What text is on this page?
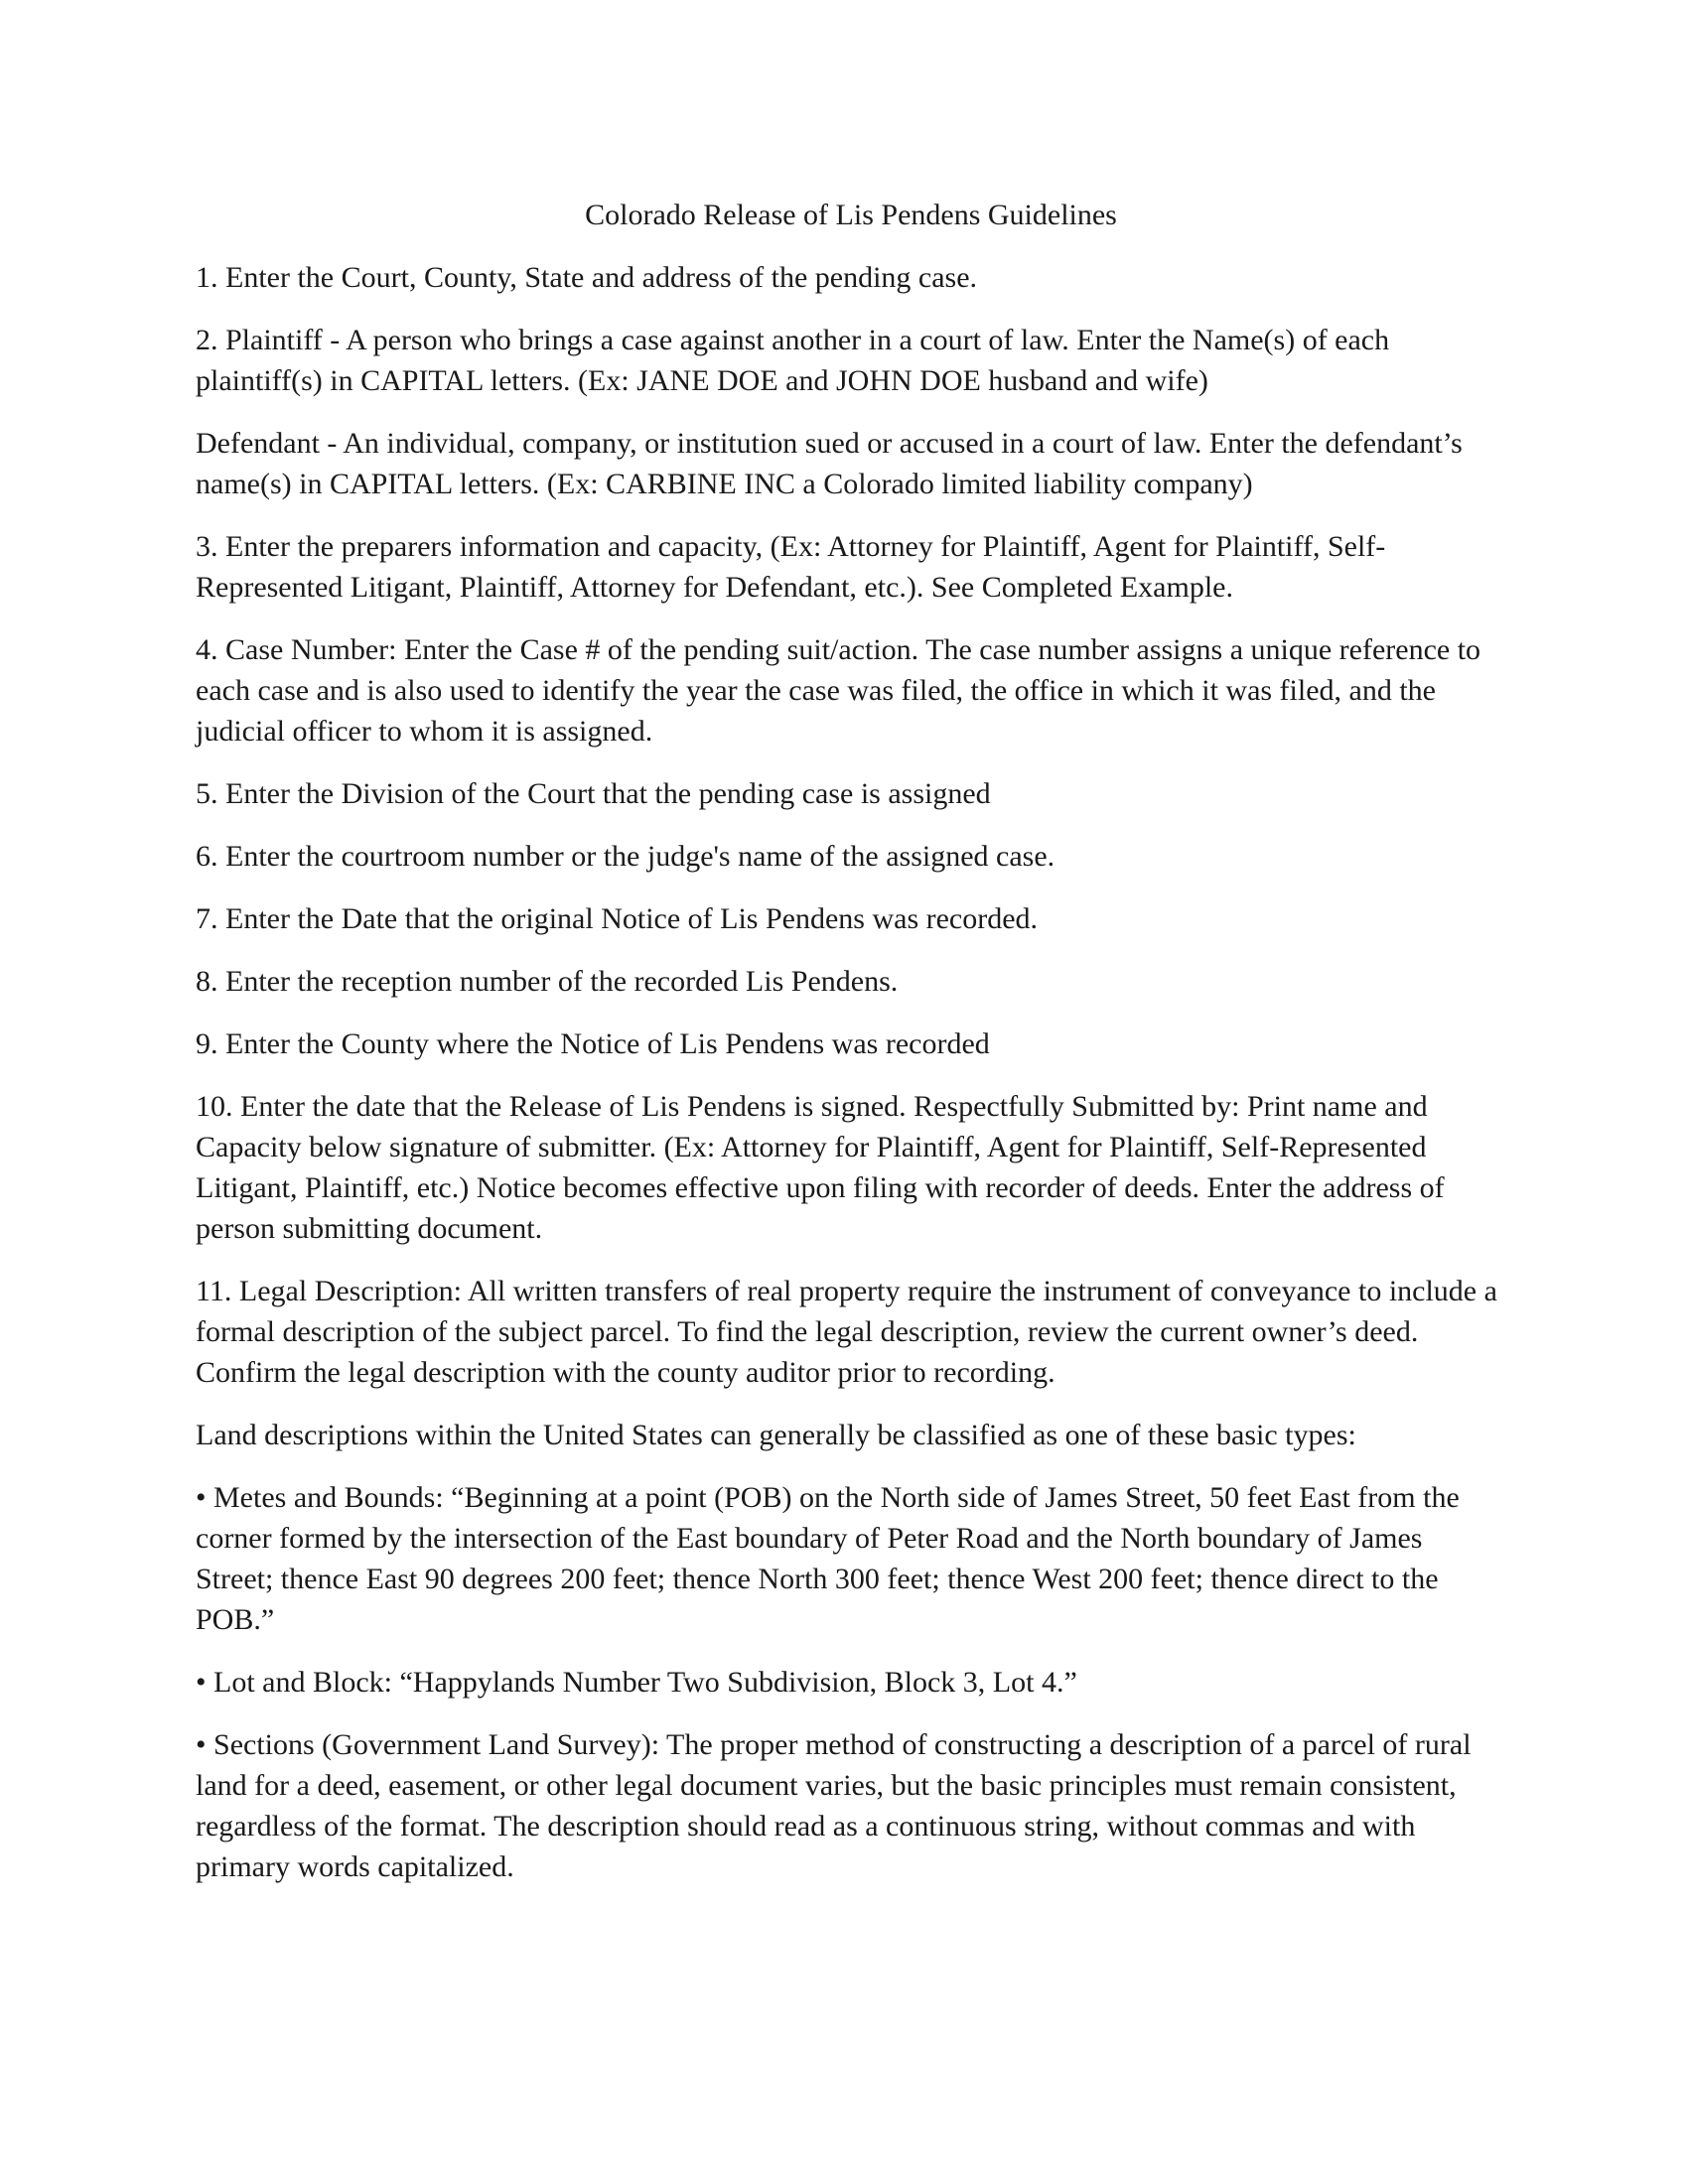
Colorado Release of Lis Pendens Guidelines

1. Enter the Court, County, State and address of the pending case.

2. Plaintiff - A person who brings a case against another in a court of law. Enter the Name(s) of each plaintiff(s) in CAPITAL letters. (Ex: JANE DOE and JOHN DOE husband and wife)

Defendant - An individual, company, or institution sued or accused in a court of law. Enter the defendant’s name(s) in CAPITAL letters. (Ex: CARBINE INC a Colorado limited liability company)

3. Enter the preparers information and capacity, (Ex: Attorney for Plaintiff, Agent for Plaintiff, Self-Represented Litigant, Plaintiff, Attorney for Defendant, etc.). See Completed Example.

4. Case Number: Enter the Case # of the pending suit/action. The case number assigns a unique reference to each case and is also used to identify the year the case was filed, the office in which it was filed, and the judicial officer to whom it is assigned.

5. Enter the Division of the Court that the pending case is assigned

6. Enter the courtroom number or the judge's name of the assigned case.

7. Enter the Date that the original Notice of Lis Pendens was recorded.

8. Enter the reception number of the recorded Lis Pendens.

9. Enter the County where the Notice of Lis Pendens was recorded

10. Enter the date that the Release of Lis Pendens is signed. Respectfully Submitted by: Print name and Capacity below signature of submitter. (Ex: Attorney for Plaintiff, Agent for Plaintiff, Self-Represented Litigant, Plaintiff, etc.) Notice becomes effective upon filing with recorder of deeds. Enter the address of person submitting document.

11. Legal Description: All written transfers of real property require the instrument of conveyance to include a formal description of the subject parcel. To find the legal description, review the current owner’s deed. Confirm the legal description with the county auditor prior to recording.

Land descriptions within the United States can generally be classified as one of these basic types:

• Metes and Bounds: “Beginning at a point (POB) on the North side of James Street, 50 feet East from the corner formed by the intersection of the East boundary of Peter Road and the North boundary of James Street; thence East 90 degrees 200 feet; thence North 300 feet; thence West 200 feet; thence direct to the POB.”

• Lot and Block: “Happylands Number Two Subdivision, Block 3, Lot 4.”

• Sections (Government Land Survey): The proper method of constructing a description of a parcel of rural land for a deed, easement, or other legal document varies, but the basic principles must remain consistent, regardless of the format. The description should read as a continuous string, without commas and with primary words capitalized.
